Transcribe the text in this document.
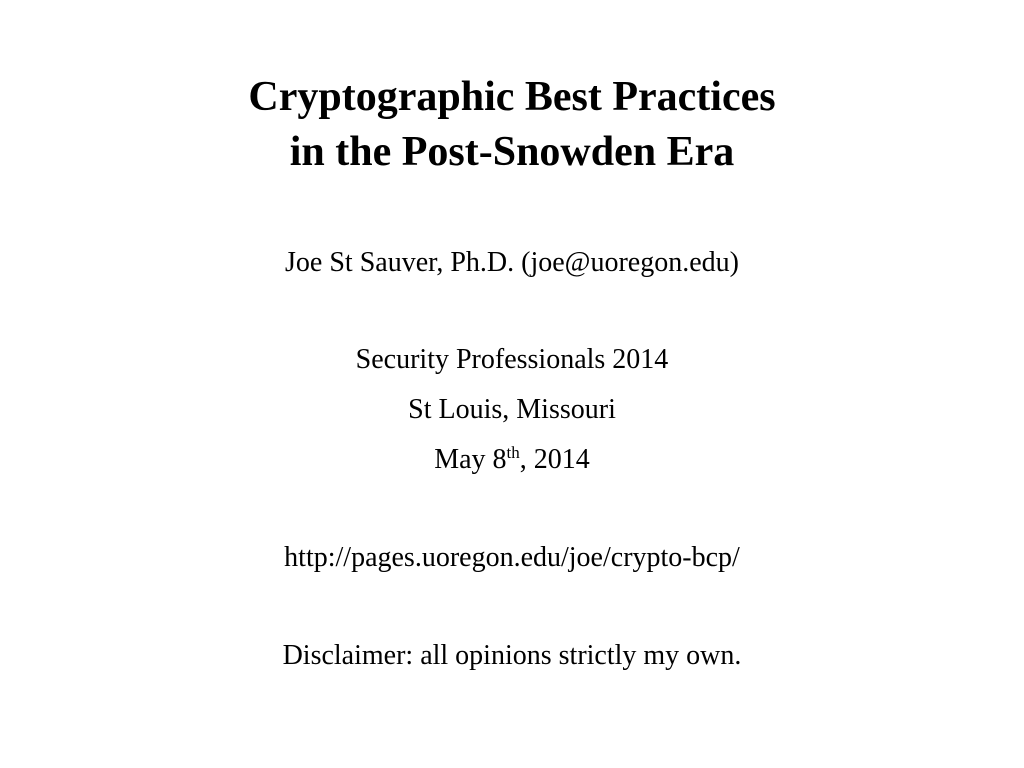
Cryptographic Best Practices
in the Post-Snowden Era
Joe St Sauver, Ph.D. (joe@uoregon.edu)
Security Professionals 2014
St Louis, Missouri
May 8th, 2014
http://pages.uoregon.edu/joe/crypto-bcp/
Disclaimer: all opinions strictly my own.
